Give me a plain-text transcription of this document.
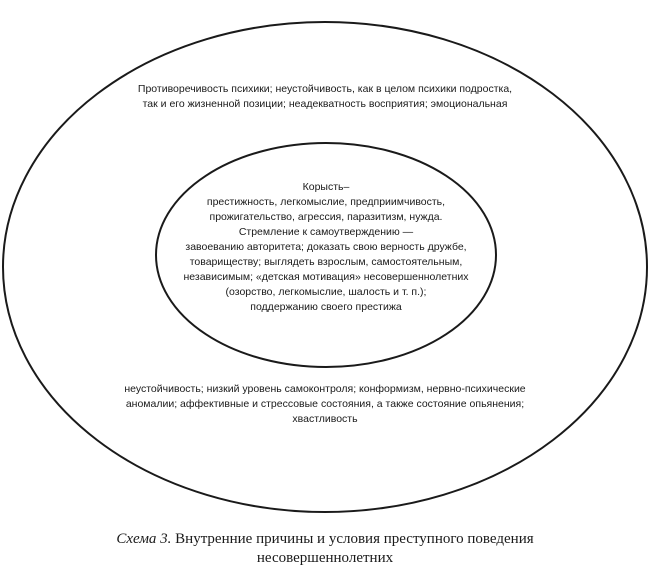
Противоречивость психики; неустойчивость, как в целом психики подростка,
так и его жизненной позиции; неадекватность восприятия; эмоциональная
Корысть–
престижность, легкомыслие, предприимчивость,
прожигательство, агрессия, паразитизм, нужда.
Стремление к самоутверждению —
завоеванию авторитета; доказать свою верность дружбе,
товариществу; выглядеть взрослым, самостоятельным,
независимым; «детская мотивация» несовершеннолетних
(озорство, легкомыслие, шалость и т. п.);
поддержанию своего престижа
неустойчивость; низкий уровень самоконтроля; конформизм, нервно-психические
аномалии; аффективные и стрессовые состояния, а также состояние опьянения;
хвастливость
Схема 3. Внутренние причины и условия преступного поведения
несовершеннолетних
